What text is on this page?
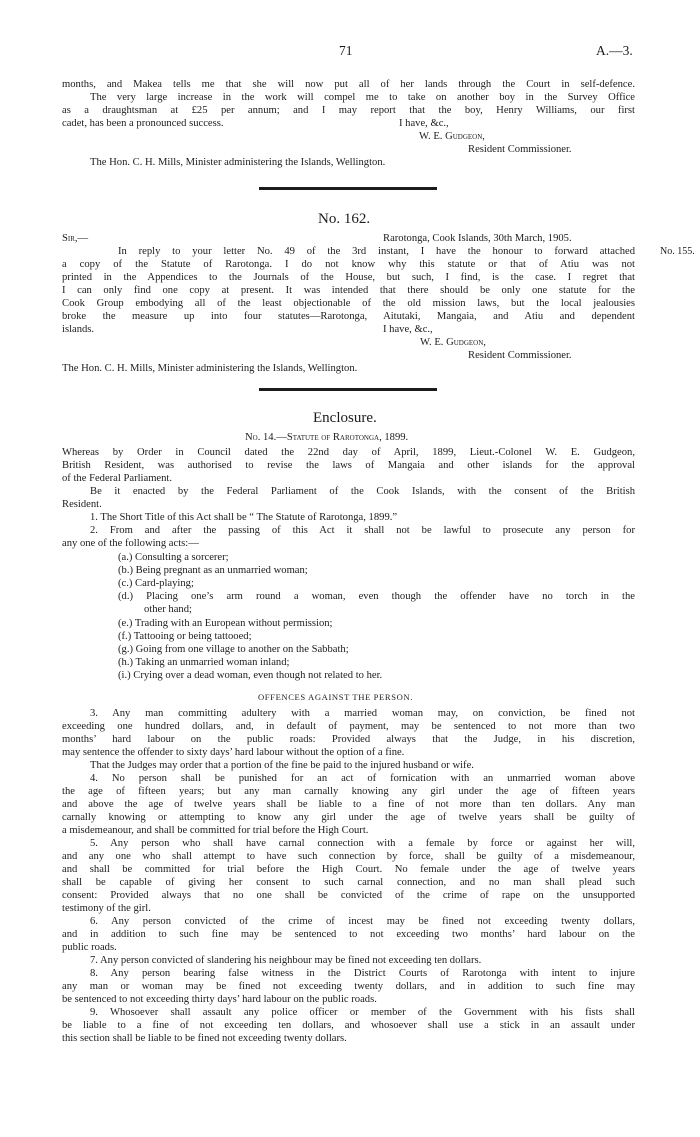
71	A.—3.
months, and Makea tells me that she will now put all of her lands through the Court in self-defence.
The very large increase in the work will compel me to take on another boy in the Survey Office
as a draughtsman at £25 per annum; and I may report that the boy, Henry Williams, our first
cadet, has been a pronounced success.	I have, &c.,
W. E. Gudgeon,
Resident Commissioner.
The Hon. C. H. Mills, Minister administering the Islands, Wellington.
No. 162.
Sir,—	Rarotonga, Cook Islands, 30th March, 1905.
No. 155.
In reply to your letter No. 49 of the 3rd instant, I have the honour to forward attached
a copy of the Statute of Rarotonga. I do not know why this statute or that of Atiu was not
printed in the Appendices to the Journals of the House, but such, I find, is the case. I regret that
I can only find one copy at present. It was intended that there should be only one statute for the
Cook Group embodying all of the least objectionable of the old mission laws, but the local jealousies
broke the measure up into four statutes—Rarotonga, Aitutaki, Mangaia, and Atiu and dependent
islands.	I have, &c.,
W. E. Gudgeon,
Resident Commissioner.
The Hon. C. H. Mills, Minister administering the Islands, Wellington.
Enclosure.
No. 14.—Statute of Rarotonga, 1899.
Whereas by Order in Council dated the 22nd day of April, 1899, Lieut.-Colonel W. E. Gudgeon,
British Resident, was authorised to revise the laws of Mangaia and other islands for the approval
of the Federal Parliament.
Be it enacted by the Federal Parliament of the Cook Islands, with the consent of the British
Resident.
1. The Short Title of this Act shall be “ The Statute of Rarotonga, 1899.”
2. From and after the passing of this Act it shall not be lawful to prosecute any person for
any one of the following acts:—
(a.) Consulting a sorcerer;
(b.) Being pregnant as an unmarried woman;
(c.) Card-playing;
(d.) Placing one’s arm round a woman, even though the offender have no torch in the
other hand;
(e.) Trading with an European without permission;
(f.) Tattooing or being tattooed;
(g.) Going from one village to another on the Sabbath;
(h.) Taking an unmarried woman inland;
(i.) Crying over a dead woman, even though not related to her.
OFFENCES AGAINST THE PERSON.
3. Any man committing adultery with a married woman may, on conviction, be fined not
exceeding one hundred dollars, and, in default of payment, may be sentenced to not more than two
months’ hard labour on the public roads: Provided always that the Judge, in his discretion,
may sentence the offender to sixty days’ hard labour without the option of a fine.
That the Judges may order that a portion of the fine be paid to the injured husband or wife.
4. No person shall be punished for an act of fornication with an unmarried woman above
the age of fifteen years; but any man carnally knowing any girl under the age of fifteen years
and above the age of twelve years shall be liable to a fine of not more than ten dollars. Any man
carnally knowing or attempting to know any girl under the age of twelve years shall be guilty of
a misdemeanour, and shall be committed for trial before the High Court.
5. Any person who shall have carnal connection with a female by force or against her will,
and any one who shall attempt to have such connection by force, shall be guilty of a misdemeanour,
and shall be committed for trial before the High Court. No female under the age of twelve years
shall be capable of giving her consent to such carnal connection, and no man shall plead such
consent: Provided always that no one shall be convicted of the crime of rape on the unsupported
testimony of the girl.
6. Any person convicted of the crime of incest may be fined not exceeding twenty dollars,
and in addition to such fine may be sentenced to not exceeding two months’ hard labour on the
public roads.
7. Any person convicted of slandering his neighbour may be fined not exceeding ten dollars.
8. Any person bearing false witness in the District Courts of Rarotonga with intent to injure
any man or woman may be fined not exceeding twenty dollars, and in addition to such fine may
be sentenced to not exceeding thirty days’ hard labour on the public roads.
9. Whosoever shall assault any police officer or member of the Government with his fists shall
be liable to a fine of not exceeding ten dollars, and whosoever shall use a stick in an assault under
this section shall be liable to be fined not exceeding twenty dollars.
